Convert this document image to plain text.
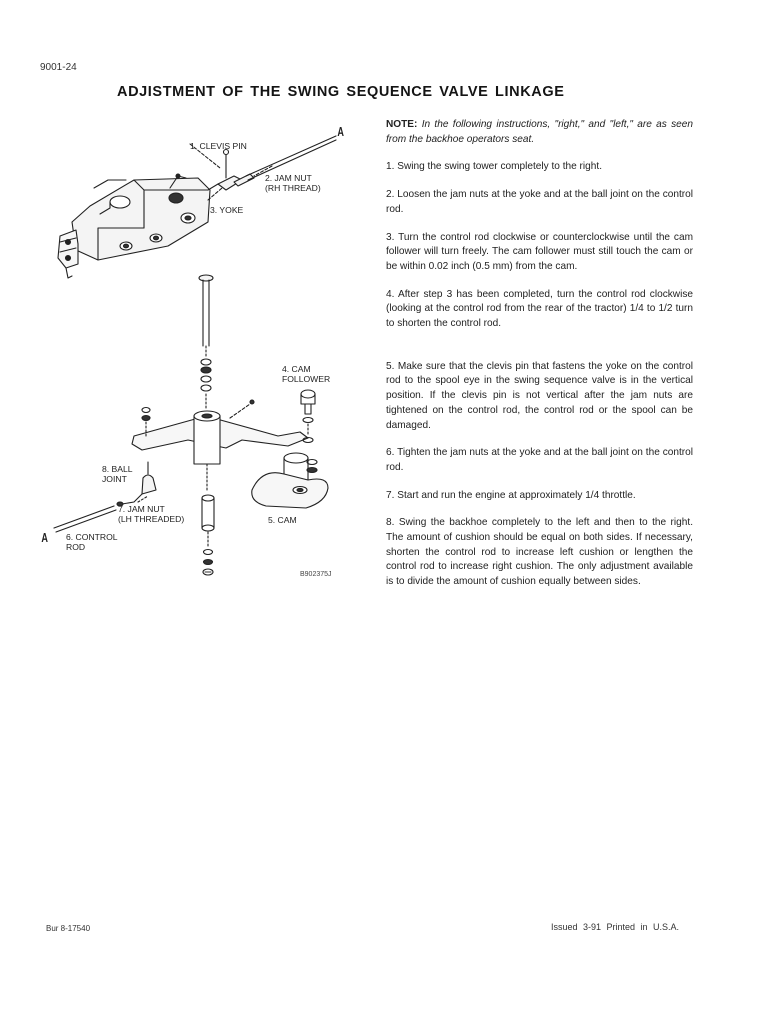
9001-24
ADJISTMENT OF THE SWING SEQUENCE VALVE LINKAGE
1. CLEVIS PIN
2. JAM NUT
(RH THREAD)
3. YOKE
4. CAM
FOLLOWER
8. BALL
JOINT
7. JAM NUT
(LH THREADED)
6. CONTROL
ROD
5. CAM
B902375J
A
A

NOTE: In the following instructions, "right," and "left," are as seen from the backhoe operators seat.

1. Swing the swing tower completely to the right.

2. Loosen the jam nuts at the yoke and at the ball joint on the control rod.

3. Turn the control rod clockwise or counterclockwise until the cam follower will turn freely. The cam follower must still touch the cam or be within 0.02 inch (0.5 mm) from the cam.

4. After step 3 has been completed, turn the control rod clockwise (looking at the control rod from the rear of the tractor) 1/4 to 1/2 turn to shorten the control rod.

5. Make sure that the clevis pin that fastens the yoke on the control rod to the spool eye in the swing sequence valve is in the vertical position. If the clevis pin is not vertical after the jam nuts are tightened on the control rod, the control rod or the spool can be damaged.

6. Tighten the jam nuts at the yoke and at the ball joint on the control rod.

7. Start and run the engine at approximately 1/4 throttle.

8. Swing the backhoe completely to the left and then to the right. The amount of cushion should be equal on both sides. If necessary, shorten the control rod to increase left cushion or lengthen the control rod to increase right cushion. The only adjustment available is to divide the amount of cushion equally between sides.

Bur 8-17540	Issued 3-91 Printed in U.S.A.
